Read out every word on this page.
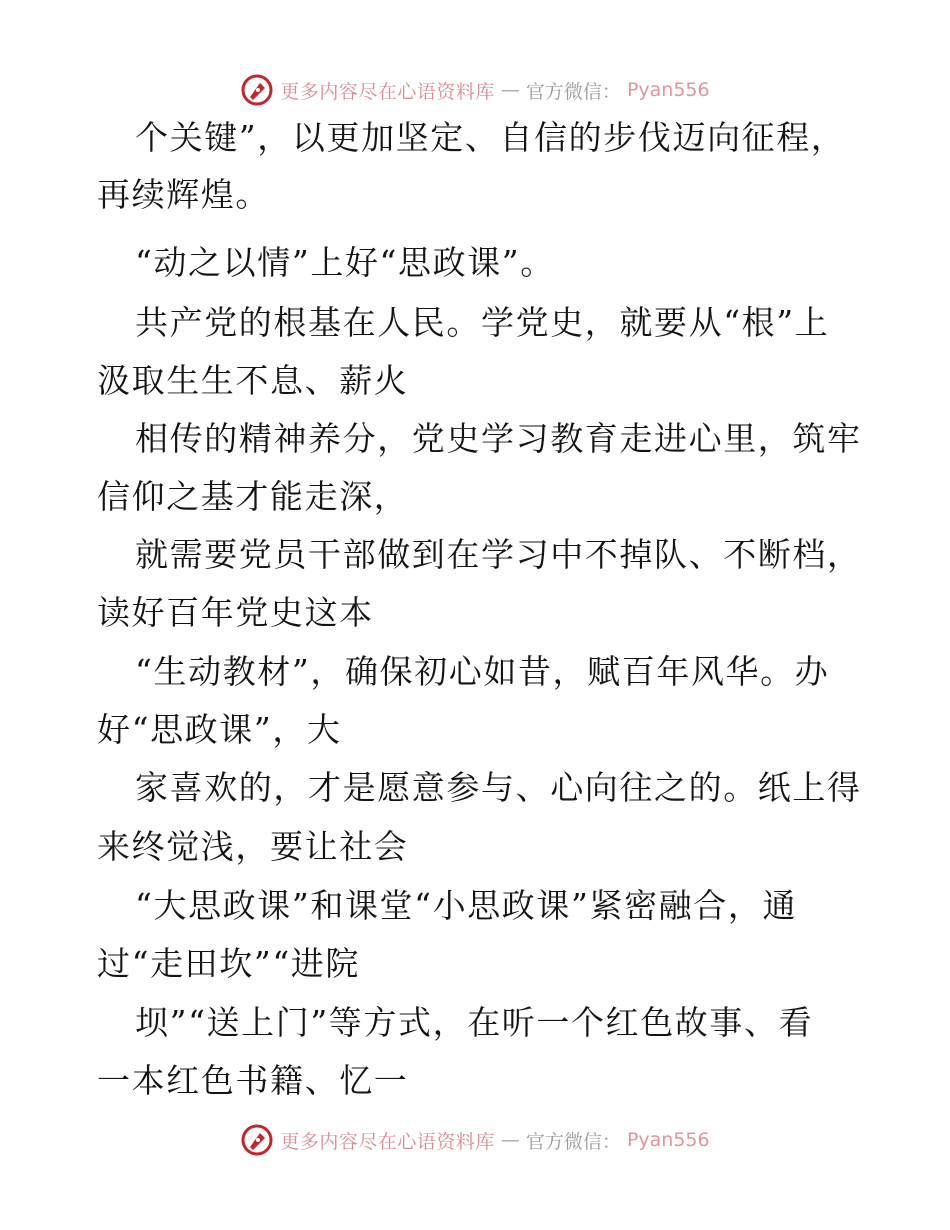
更多内容尽在心语资料库 — 官方微信： Pyan556
个关键”，以更加坚定、自信的步伐迈向征程，
再续辉煌。
“动之以情”上好“思政课”。
共产党的根基在人民。学党史，就要从“根”上
汲取生生不息、薪火
相传的精神养分，党史学习教育走进心里，筑牢
信仰之基才能走深，
就需要党员干部做到在学习中不掉队、不断档，
读好百年党史这本
“生动教材”，确保初心如昔，赋百年风华。办
好“思政课”，大
家喜欢的，才是愿意参与、心向往之的。纸上得
来终觉浅，要让社会
“大思政课”和课堂“小思政课”紧密融合，通
过“走田坎”“进院
坝”“送上门”等方式，在听一个红色故事、看
一本红色书籍、忆一
更多内容尽在心语资料库 — 官方微信： Pyan556
